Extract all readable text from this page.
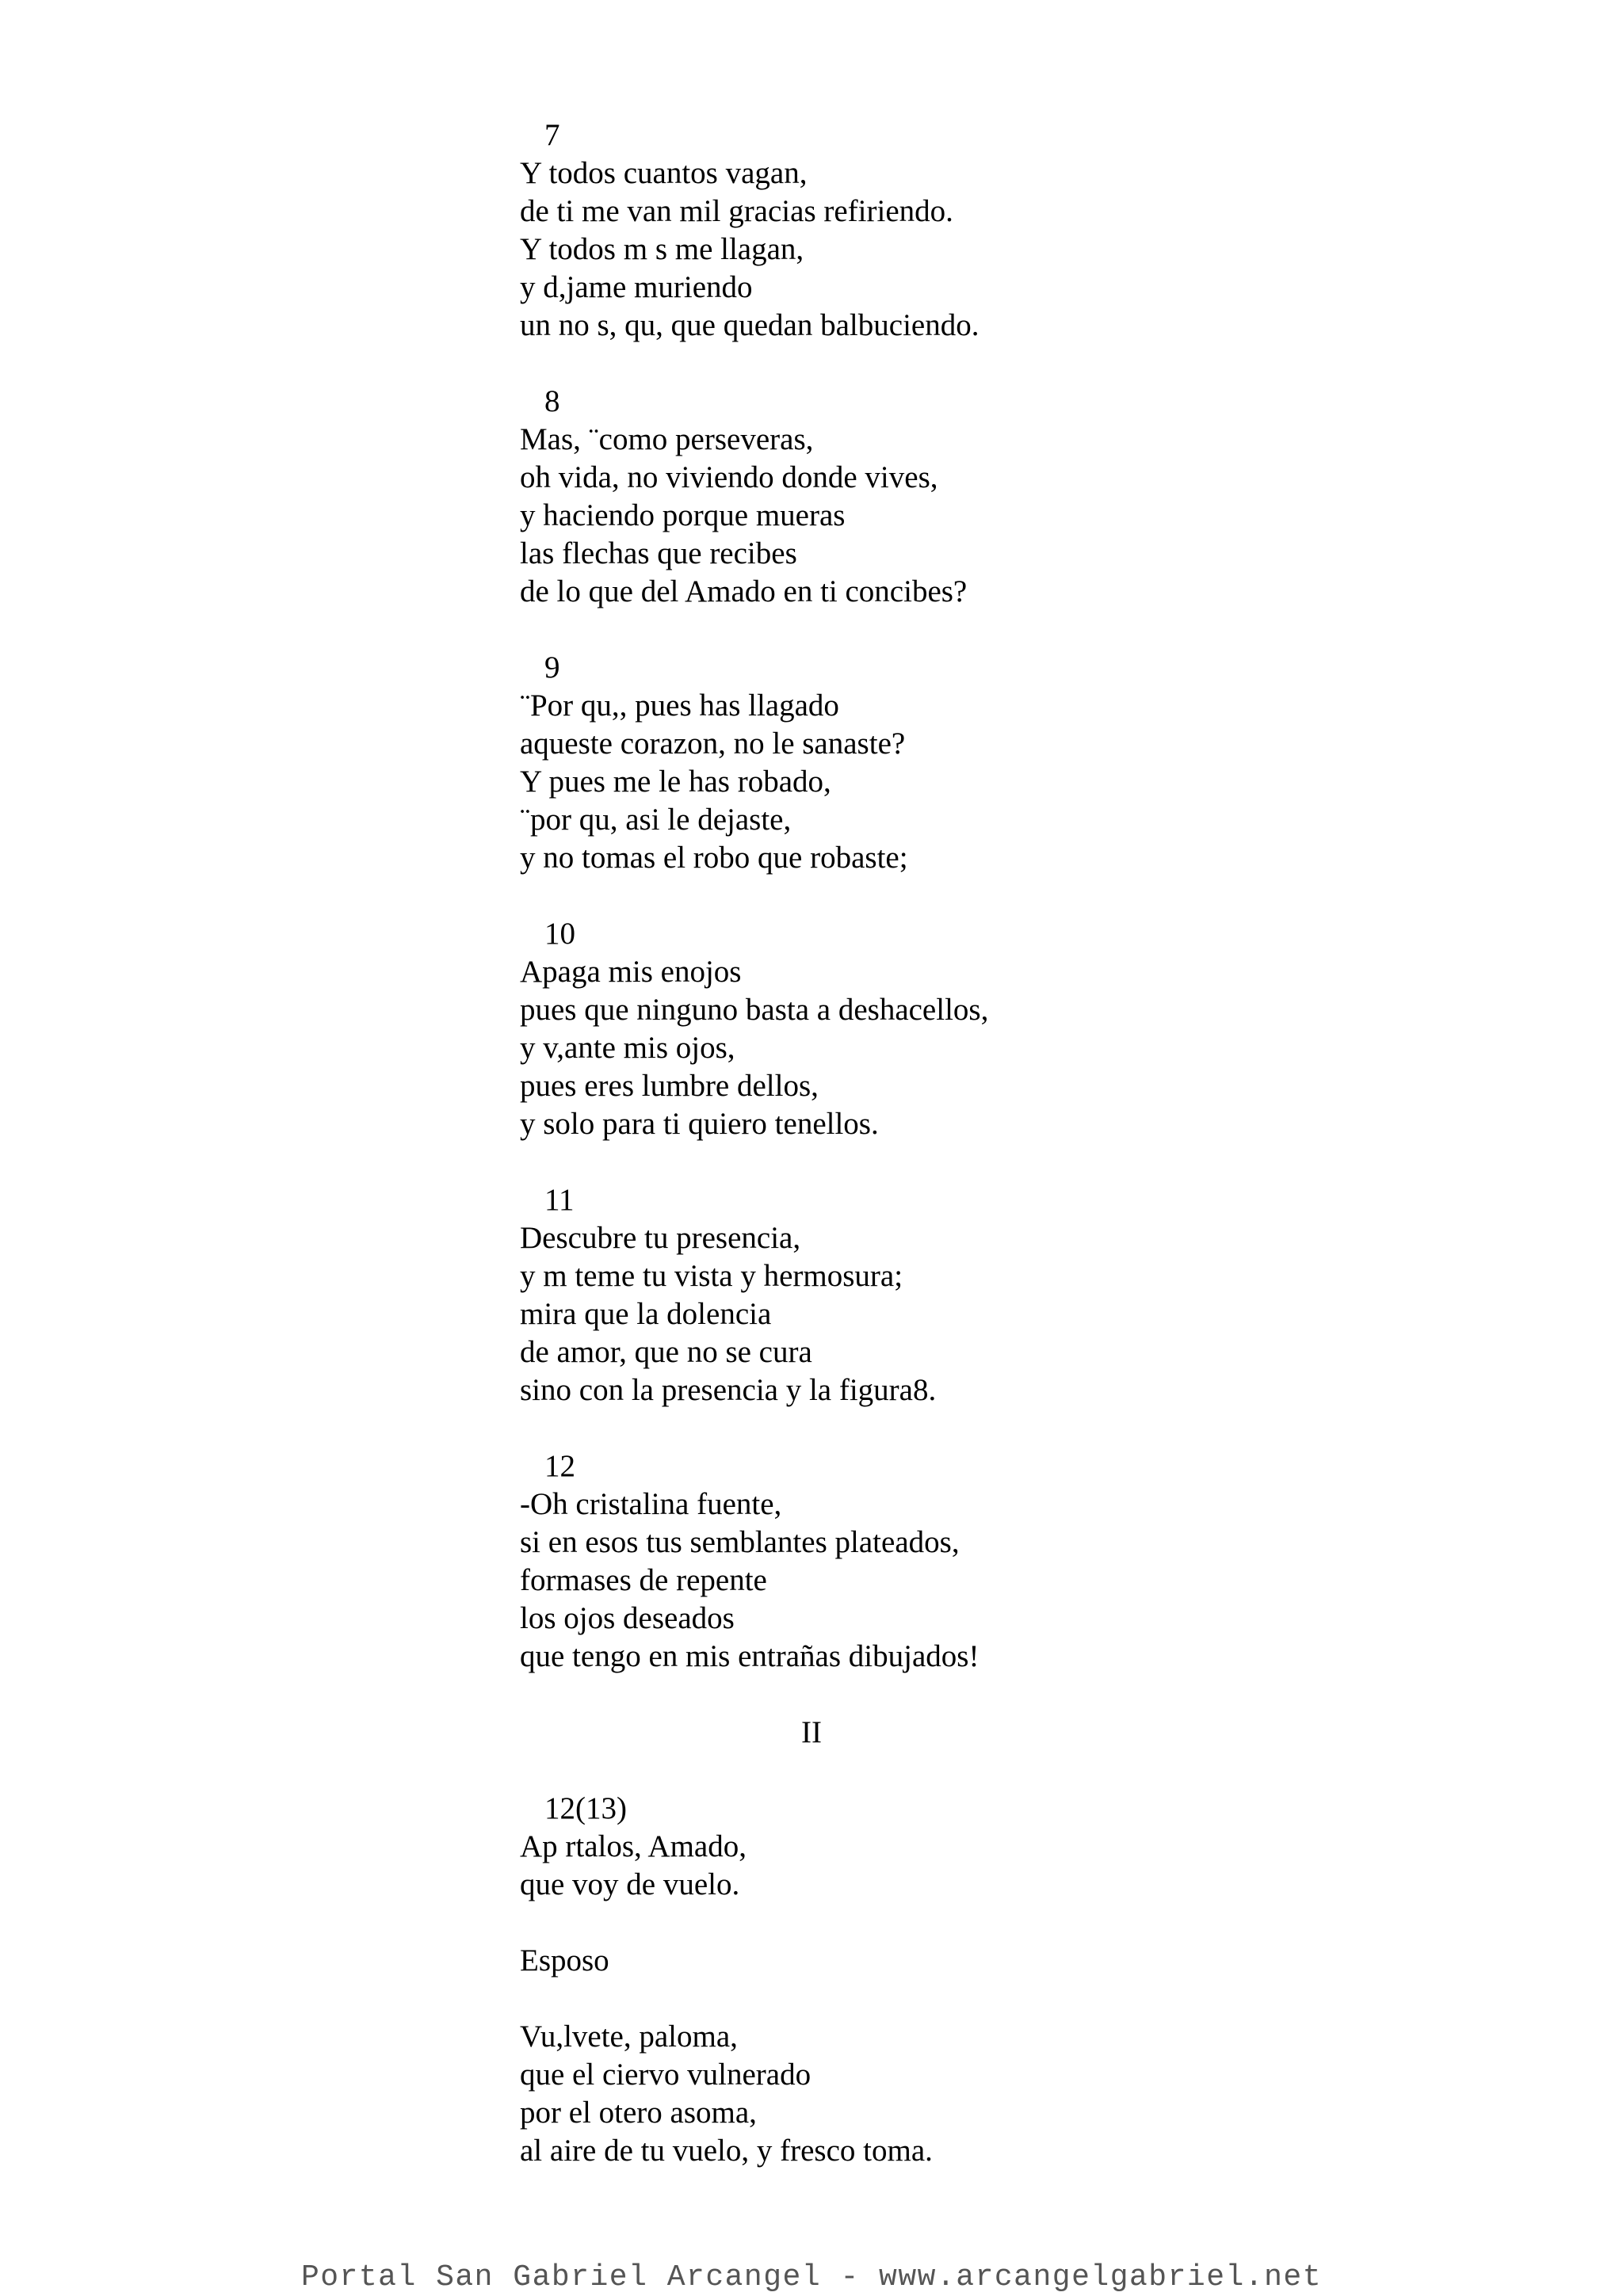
7
Y todos cuantos vagan,
de ti me van mil gracias refiriendo.
Y todos m s me llagan,
y d,jame muriendo
un no s, qu, que quedan balbuciendo.
8
Mas, ¨como perseveras,
oh vida, no viviendo donde vives,
y haciendo porque mueras
las flechas que recibes
de lo que del Amado en ti concibes?
9
¨Por qu,, pues has llagado
aqueste corazon, no le sanaste?
Y pues me le has robado,
¨por qu, asi le dejaste,
y no tomas el robo que robaste;
10
Apaga mis enojos
pues que ninguno basta a deshacellos,
y v,ante mis ojos,
pues eres lumbre dellos,
y solo para ti quiero tenellos.
11
Descubre tu presencia,
y m teme tu vista y hermosura;
mira que la dolencia
de amor, que no se cura
sino con la presencia y la figura8.
12
-Oh cristalina fuente,
si en esos tus semblantes plateados,
formases de repente
los ojos deseados
que tengo en mis entrañas dibujados!
12(13)
Ap rtalos, Amado,
que voy de vuelo.
Esposo
Vu,lvete, paloma,
que el ciervo vulnerado
por el otero asoma,
al aire de tu vuelo, y fresco toma.
II
Portal San Gabriel Arcangel - www.arcangelgabriel.net
